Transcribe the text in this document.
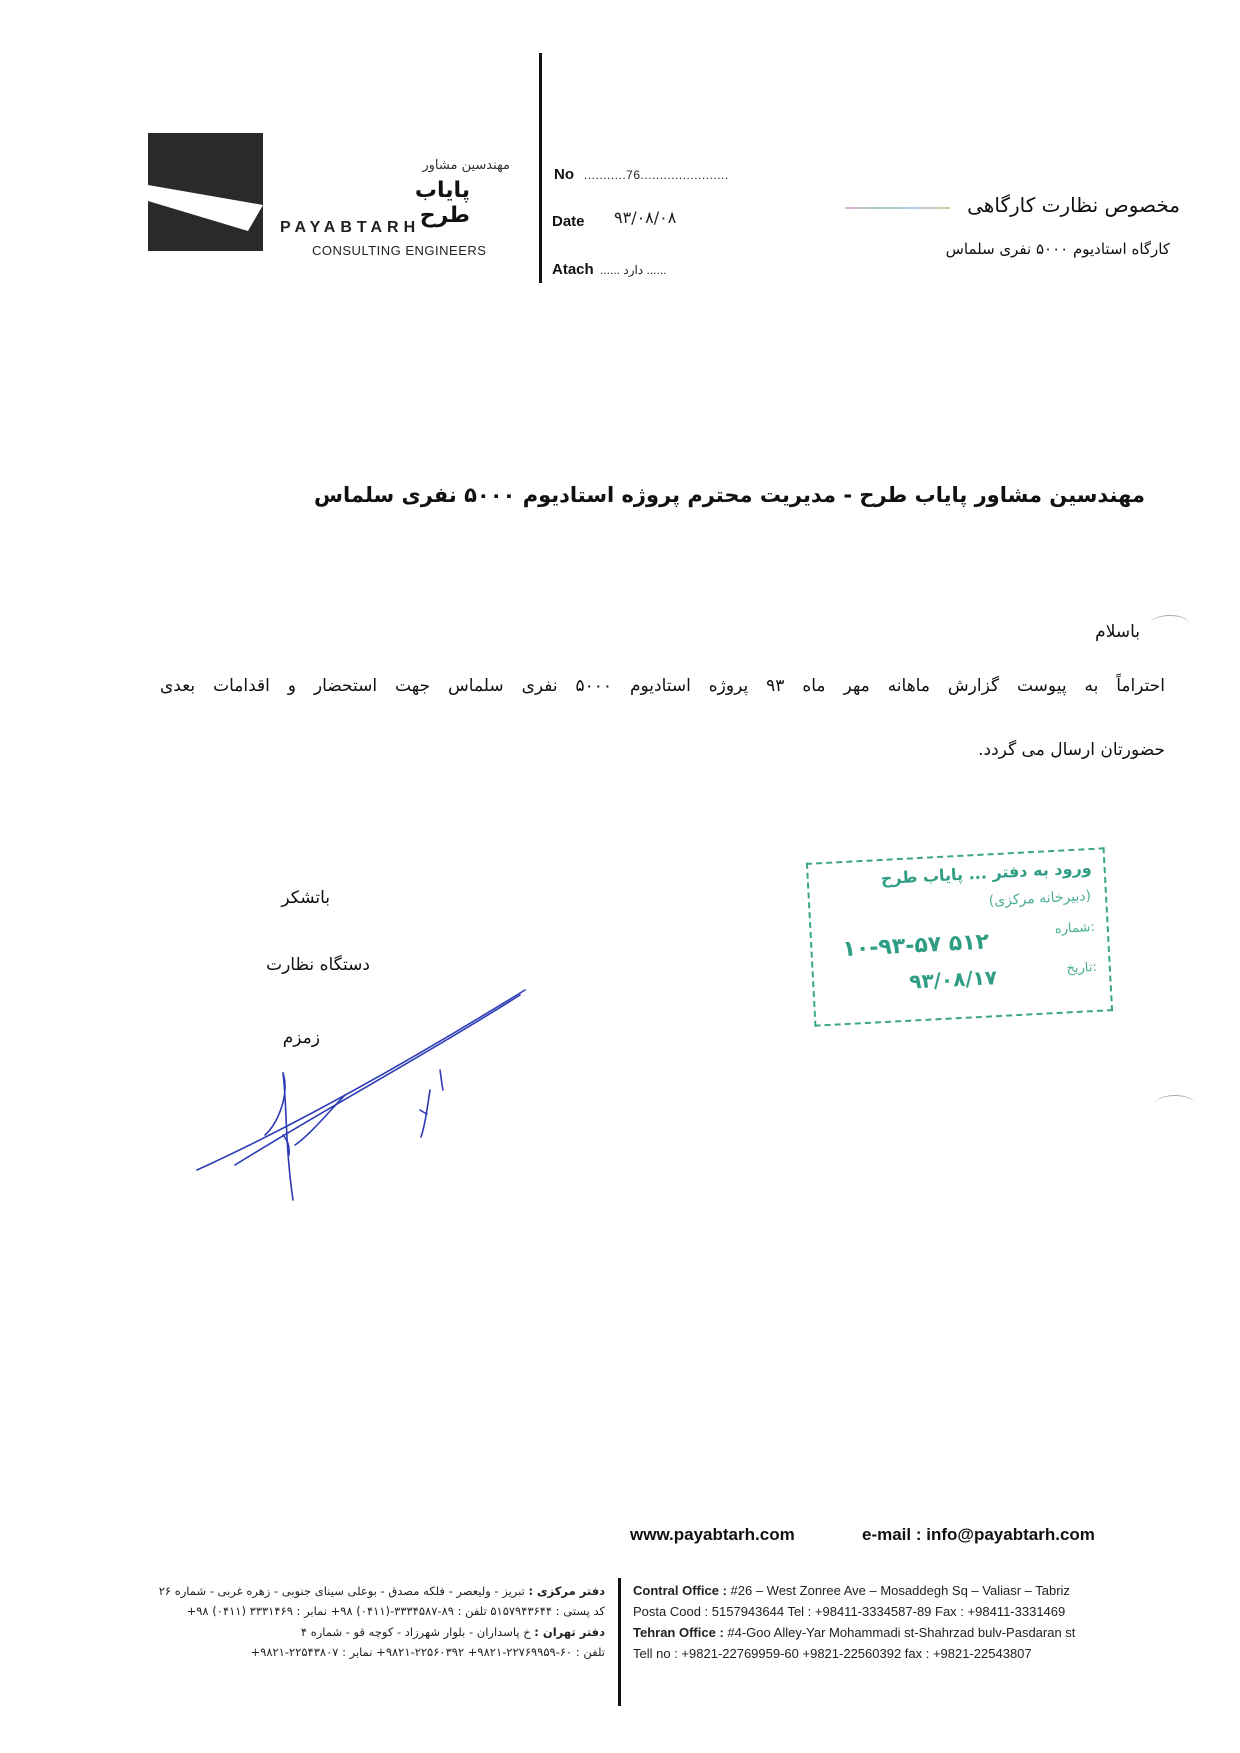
مهندسین مشاور
پایاب طرح
PAYABTARH
CONSULTING ENGINEERS
No ...........76.......................
Date ۹۳/۰۸/۰۸
Atach ...... دارد ......
مخصوص نظارت کارگاهی
کارگاه استادیوم ۵۰۰۰ نفری سلماس
مهندسین مشاور پایاب طرح - مدیریت محترم پروژه استادیوم ۵۰۰۰ نفری سلماس
باسلام
احتراماً به پیوست گزارش ماهانه مهر ماه ۹۳ پروژه استادیوم ۵۰۰۰ نفری سلماس جهت استحضار و اقدامات بعدی
حضورتان ارسال می گردد.
باتشکر
دستگاه نظارت
زمزم
ورود به دفتر ... پایاب طرح
(دبیرخانه مرکزی)
شماره:
۱۰-۹۳-۵۷ ۵۱۲
تاریخ:
۹۳/۰۸/۱۷
www.payabtarh.com	e-mail : info@payabtarh.com
Contral Office : #26 – West Zonree Ave – Mosaddegh Sq – Valiasr – Tabriz
Posta Cood : 5157943644 Tel : +98411-3334587-89 Fax : +98411-3331469
Tehran Office : #4-Goo Alley-Yar Mohammadi st-Shahrzad bulv-Pasdaran st
Tell no : +9821-22769959-60 +9821-22560392 fax : +9821-22543807
دفتر مرکزی : تبریز - ولیعصر - فلکه مصدق - بوعلی سینای جنوبی - زهره غربی - شماره ۲۶
کد پستی : ۵۱۵۷۹۴۳۶۴۴ تلفن : ۸۹-۳۳۳۴۵۸۷-(۰۴۱۱) ۹۸+ نمابر : ۳۳۳۱۴۶۹ (۰۴۱۱) ۹۸+
دفتر تهران : خ پاسداران - بلوار شهرزاد - کوچه قو - شماره ۴
تلفن : ۶۰-۲۲۷۶۹۹۵۹-۹۸۲۱+ ۲۲۵۶۰۳۹۲-۹۸۲۱+ نمابر : ۲۲۵۴۳۸۰۷-۹۸۲۱+
